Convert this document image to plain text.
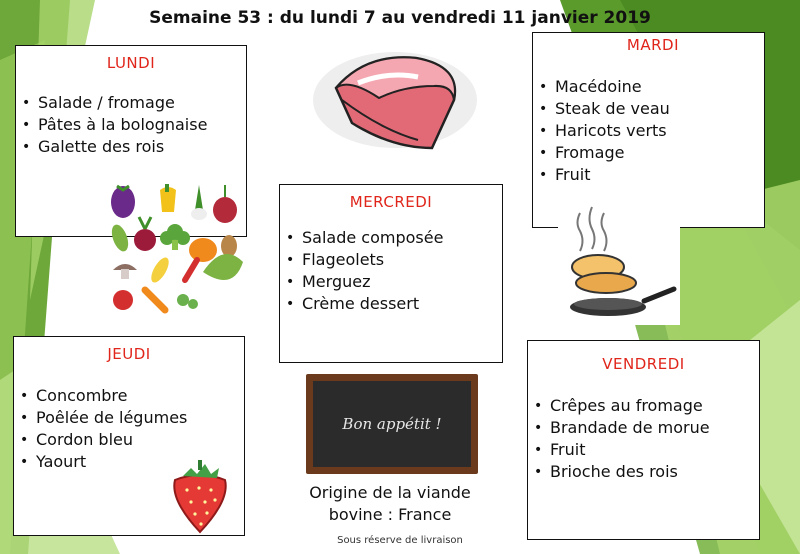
Semaine 53 : du lundi 7 au vendredi 11 janvier 2019
LUNDI
• Salade / fromage
• Pâtes à la bolognaise
• Galette des rois
MARDI
• Macédoine
• Steak de veau
• Haricots verts
• Fromage
• Fruit
MERCREDI
• Salade composée
• Flageolets
• Merguez
• Crème dessert
JEUDI
• Concombre
• Poêlée de légumes
• Cordon bleu
• Yaourt
Bon appétit !
VENDREDI
• Crêpes au fromage
• Brandade de morue
• Fruit
• Brioche des rois
Origine de la viande
bovine : France
Sous réserve de livraison
